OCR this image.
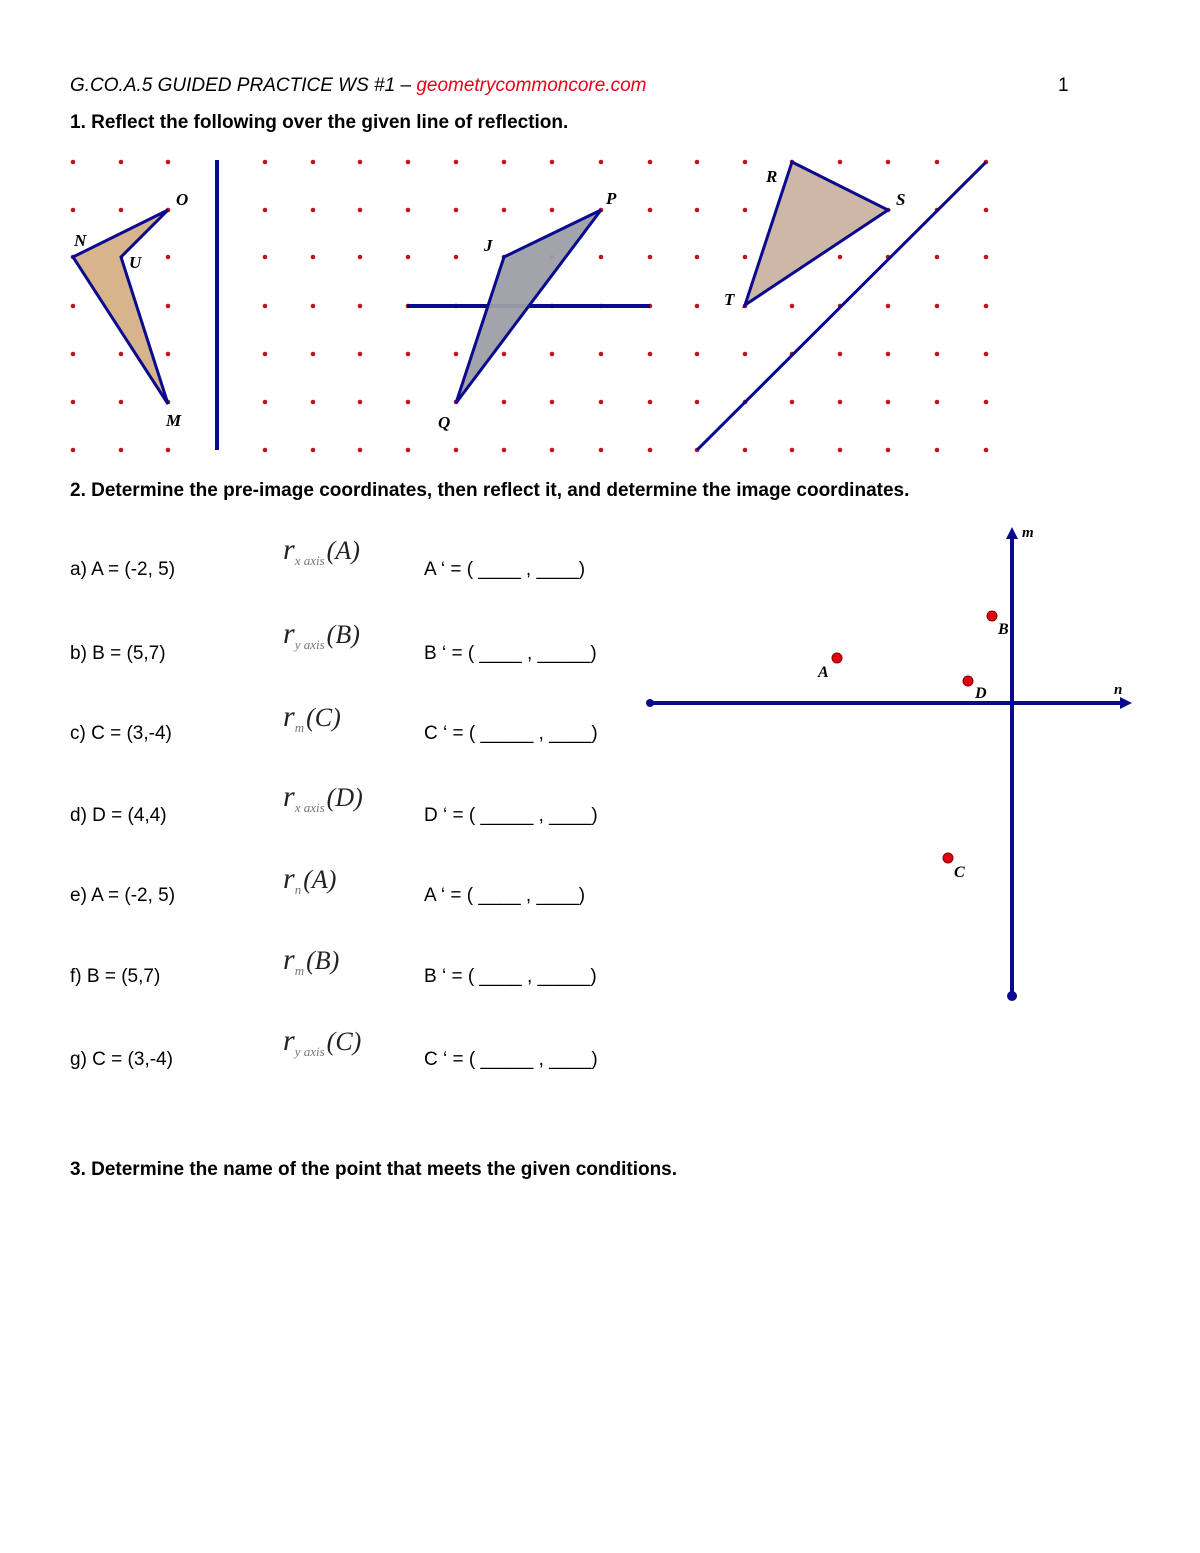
G.CO.A.5 GUIDED PRACTICE WS #1 – geometrycommoncore.com	1
1. Reflect the following over the given line of reflection.
O
N
U
M
P
J
Q
R
S
T
2. Determine the pre-image coordinates, then reflect it, and determine the image coordinates.
a) A = (-2, 5)
$r_{x axis}(A)$
A ‘ = ( ____ , ____)
b) B = (5,7)
$r_{y axis}(B)$
B ‘ = ( ____ , _____)
c) C = (3,-4)
$r_m(C)$
C ‘ = ( _____ , ____)
d) D = (4,4)
$r_{x axis}(D)$
D ‘ = ( _____ , ____)
e) A = (-2, 5)
$r_n(A)$
A ‘ = ( ____ , ____)
f) B = (5,7)
$r_m(B)$
B ‘ = ( ____ , _____)
g) C = (3,-4)
$r_{y axis}(C)$
C ‘ = ( _____ , ____)
m
n
A
B
D
C
3. Determine the name of the point that meets the given conditions.
